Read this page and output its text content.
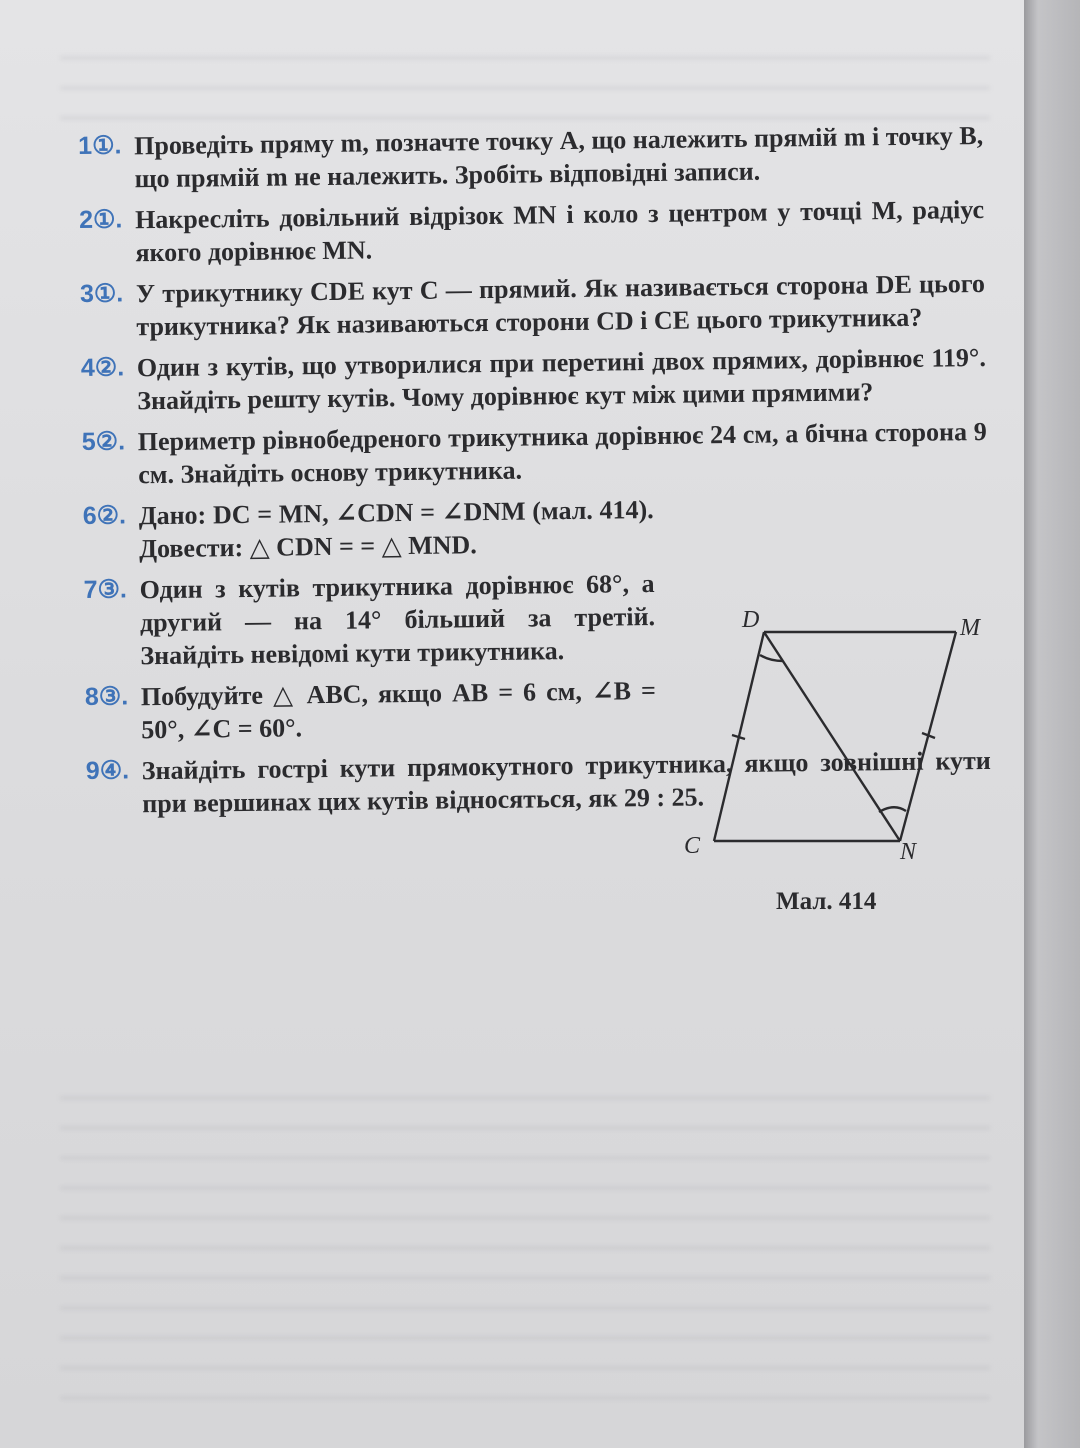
1①. Проведіть пряму m, позначте точку A, що належить прямій m і точку B, що прямій m не належить. Зробіть відповідні записи.
2①. Накресліть довільний відрізок MN і коло з центром у точці M, радіус якого дорівнює MN.
3①. У трикутнику CDE кут C — прямий. Як називається сторона DE цього трикутника? Як називаються сторони CD і CE цього трикутника?
4②. Один з кутів, що утворилися при перетині двох прямих, дорівнює 119°. Знайдіть решту кутів. Чому дорівнює кут між цими прямими?
5②. Периметр рівнобедреного трикутника дорівнює 24 см, а бічна сторона 9 см. Знайдіть основу трикутника.
6②. Дано: DC = MN, ∠CDN = ∠DNM (мал. 414). Довести: △ CDN = = △ MND.
7③. Один з кутів трикутника дорівнює 68°, а другий — на 14° більший за третій. Знайдіть невідомі кути трикутника.
8③. Побудуйте △ ABC, якщо AB = 6 см, ∠B = 50°, ∠C = 60°.
9④. Знайдіть гострі кути прямокутного трикутника, якщо зовнішні кути при вершинах цих кутів відносяться, як 29 : 25.
D	M
C	N
Мал. 414
